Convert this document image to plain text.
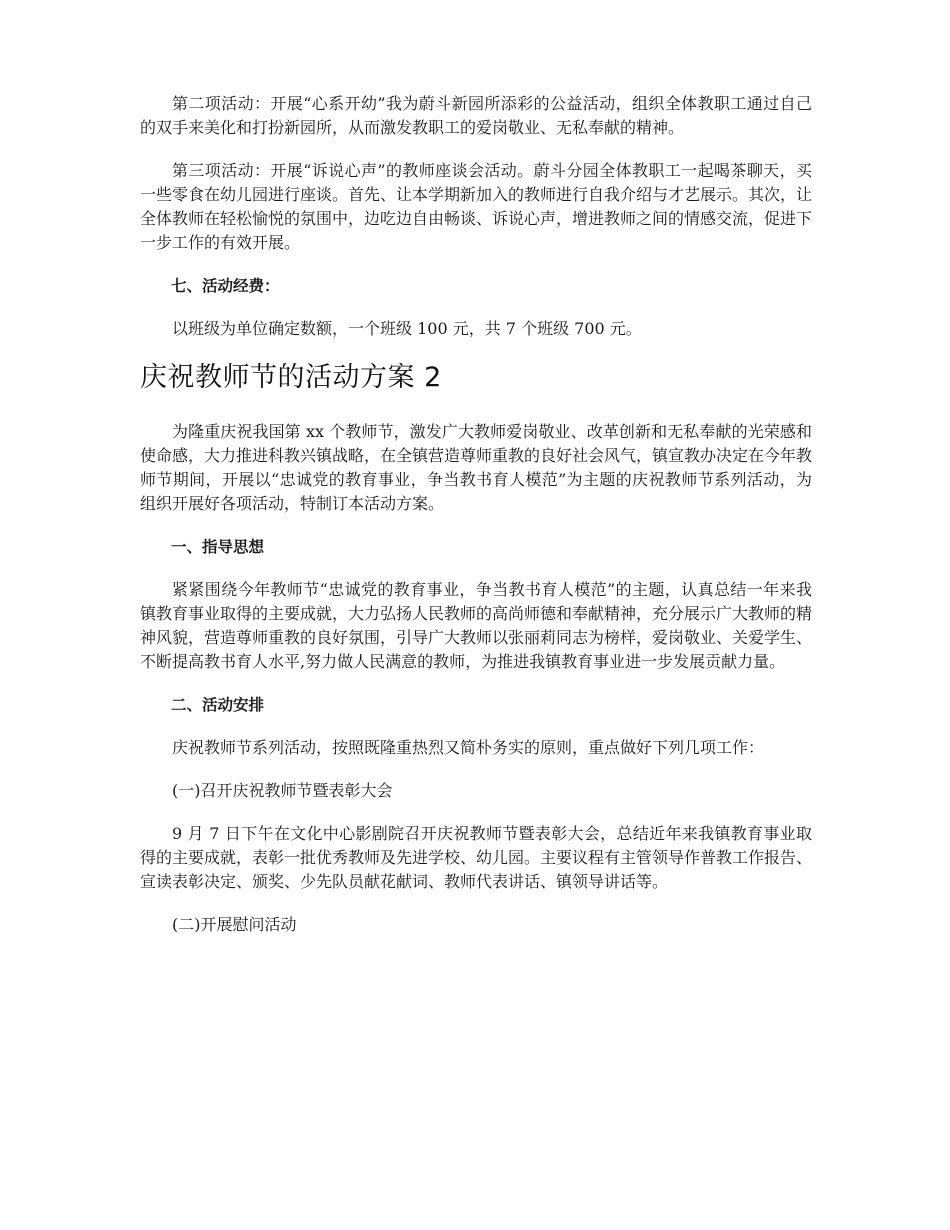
第二项活动：开展“心系开幼”我为蔚斗新园所添彩的公益活动，组织全体教职工通过自己的双手来美化和打扮新园所，从而激发教职工的爱岗敬业、无私奉献的精神。

第三项活动：开展“诉说心声”的教师座谈会活动。蔚斗分园全体教职工一起喝茶聊天，买一些零食在幼儿园进行座谈。首先、让本学期新加入的教师进行自我介绍与才艺展示。其次，让全体教师在轻松愉悦的氛围中，边吃边自由畅谈、诉说心声，增进教师之间的情感交流，促进下一步工作的有效开展。

七、活动经费：

以班级为单位确定数额，一个班级 100 元，共 7 个班级 700 元。

庆祝教师节的活动方案 2

为隆重庆祝我国第 xx 个教师节，激发广大教师爱岗敬业、改革创新和无私奉献的光荣感和使命感，大力推进科教兴镇战略，在全镇营造尊师重教的良好社会风气，镇宣教办决定在今年教师节期间，开展以“忠诚党的教育事业，争当教书育人模范”为主题的庆祝教师节系列活动，为组织开展好各项活动，特制订本活动方案。

一、指导思想

紧紧围绕今年教师节“忠诚党的教育事业，争当教书育人模范”的主题，认真总结一年来我镇教育事业取得的主要成就，大力弘扬人民教师的高尚师德和奉献精神，充分展示广大教师的精神风貌，营造尊师重教的良好氛围，引导广大教师以张丽莉同志为榜样，爱岗敬业、关爱学生、不断提高教书育人水平,努力做人民满意的教师，为推进我镇教育事业进一步发展贡献力量。

二、活动安排

庆祝教师节系列活动，按照既隆重热烈又简朴务实的原则，重点做好下列几项工作：

(一)召开庆祝教师节暨表彰大会

9 月 7 日下午在文化中心影剧院召开庆祝教师节暨表彰大会，总结近年来我镇教育事业取得的主要成就，表彰一批优秀教师及先进学校、幼儿园。主要议程有主管领导作普教工作报告、宣读表彰决定、颁奖、少先队员献花献词、教师代表讲话、镇领导讲话等。

(二)开展慰问活动
